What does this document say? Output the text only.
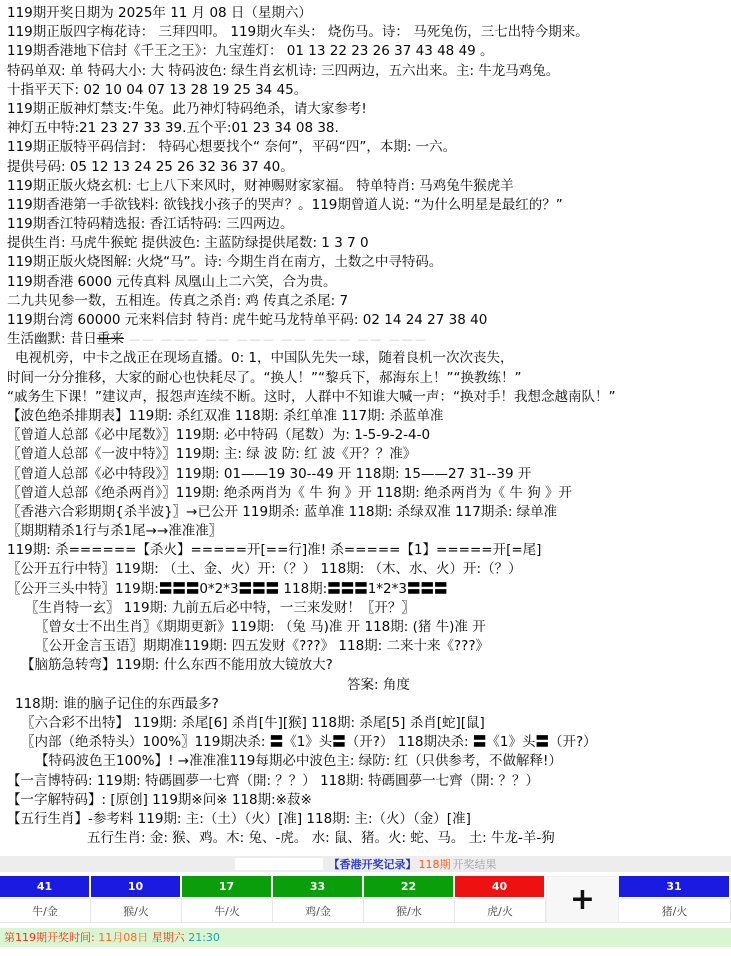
119期开奖日期为 2025年 11 月 08 日（星期六）
119期正版四字梅花诗： 三拜四叩。 119期火车头： 烧伤马。诗： 马死兔伤，三七出特今期来。
119期香港地下信封《千王之王》：九宝莲灯： 01 13 22 23 26 37 43 48 49 。
特码单双: 单 特码大小: 大 特码波色: 绿生肖玄机诗: 三四两边，五六出来。主: 牛龙马鸡兔。
十指平天下: 02 10 04 07 13 28 19 25 34 45。
119期正版神灯禁支:牛兔。此乃神灯特码绝杀，请大家参考!
神灯五中特:21 23 27 33 39.五个平:01 23 34 08 38.
119期正版特平码信封： 特码心想要找个“ 奈何”，平码“四”，本期: 一六。
提供号码: 05 12 13 24 25 26 32 36 37 40。
119期正版火烧玄机: 七上八下来风时，财神赐财家家福。 特单特肖: 马鸡兔牛猴虎羊
119期香港第一手欲钱料: 欲钱找小孩子的哭声？。119期曾道人说: “为什么明星是最红的？”
119期香江特码精选报: 香江话特码: 三四两边。
提供生肖: 马虎牛猴蛇 提供波色: 主蓝防绿提供尾数: 1 3 7 0
119期正版火烧图解: 火烧“马”。诗: 今期生肖在南方，土数之中寻特码。
119期香港 6000 元传真料 凤凰山上二六笑，合为贵。
二九共见参一数，五相连。传真之杀肖: 鸡 传真之杀尾: 7
119期台湾 60000 元来料信封 特肖: 虎牛蛇马龙特单平码: 02 14 24 27 38 40
生活幽默: 昔日重来 —— ——— —— ——— —— ——— —— ———
电视机旁，中卡之战正在现场直播。0: 1，中国队先失一球，随着良机一次次丧失，
时间一分分推移，大家的耐心也快耗尽了。“换人！”“黎兵下，郝海东上！”“换教练！”
“戚务生下课！”建议声，报怨声连续不断。这时，人群中不知谁大喊一声：“换对手！我想念越南队！”
【波色绝杀排期表】119期: 杀红双准 118期: 杀红单准 117期: 杀蓝单准
〖曾道人总部《必中尾数》〗119期: 必中特码（尾数）为: 1-5-9-2-4-0
〖曾道人总部《一波中特》〗119期: 主: 绿 波 防: 红 波《开？？准》
〖曾道人总部《必中特段》〗119期: 01——19 30--49 开 118期: 15——27 31--39 开
〖曾道人总部《绝杀两肖》〗119期: 绝杀两肖为《 牛 狗 》开 118期: 绝杀两肖为《 牛 狗 》开
〖香港六合彩期期{杀半波}〗→已公开 119期杀: 蓝单准 118期: 杀绿双准 117期杀: 绿单准
〖期期精杀1行与杀1尾→→准准准〗
119期: 杀======【杀火】=====开[==行]准! 杀=====【1】=====开[=尾]
〖公开五行中特〗119期: （土、金、火）开:（？） 118期: （木、水、火）开:（？）
〖公开三头中特〗119期:〓〓〓0*2*3〓〓〓 118期:〓〓〓1*2*3〓〓〓
〖生肖特一玄〗 119期: 九前五后必中特，一三来发财！〖开？〗
〖曾女士不出生肖〗《期期更新》119期: （兔 马)准 开 118期: (猪 牛)准 开
〖公开金言玉语〗期期准119期: 四五发财《???》 118期: 二来十来《???》
【脑筋急转弯】119期: 什么东西不能用放大镜放大?
答案: 角度
118期: 谁的脑子记住的东西最多?
〖六合彩不出特】 119期: 杀尾[6] 杀肖[牛][猴] 118期: 杀尾[5] 杀肖[蛇][鼠]
〖内部（绝杀特头）100%〗119期决杀: 〓《1》头〓（开?） 118期决杀: 〓《1》头〓（开?）
【特码波色王100%】! →准准准119每期必中波色主: 绿防: 红（只供参考，不做解释!）
【一言博特码: 119期: 特碼圓夢一七齊（開: ？？） 118期: 特碼圓夢一七齊（開: ？？）
【一字解特码】: [原创] 119期※问※ 118期:※菽※
【五行生肖】-参考料 119期: 主:（土）（火）[准] 118期: 主:（火）（金）[准]
五行生肖: 金: 猴、鸡。木: 兔、-虎。 水: 鼠、猪。火: 蛇、马。 土: 牛龙-羊-狗
【香港开奖记录】 118期 开奖结果
41
牛/金
10
猴/火
17
牛/火
33
鸡/金
22
猴/水
40
虎/火	+	31
猪/火
第119期开奖时间: 11月08日 星期六 21:30
